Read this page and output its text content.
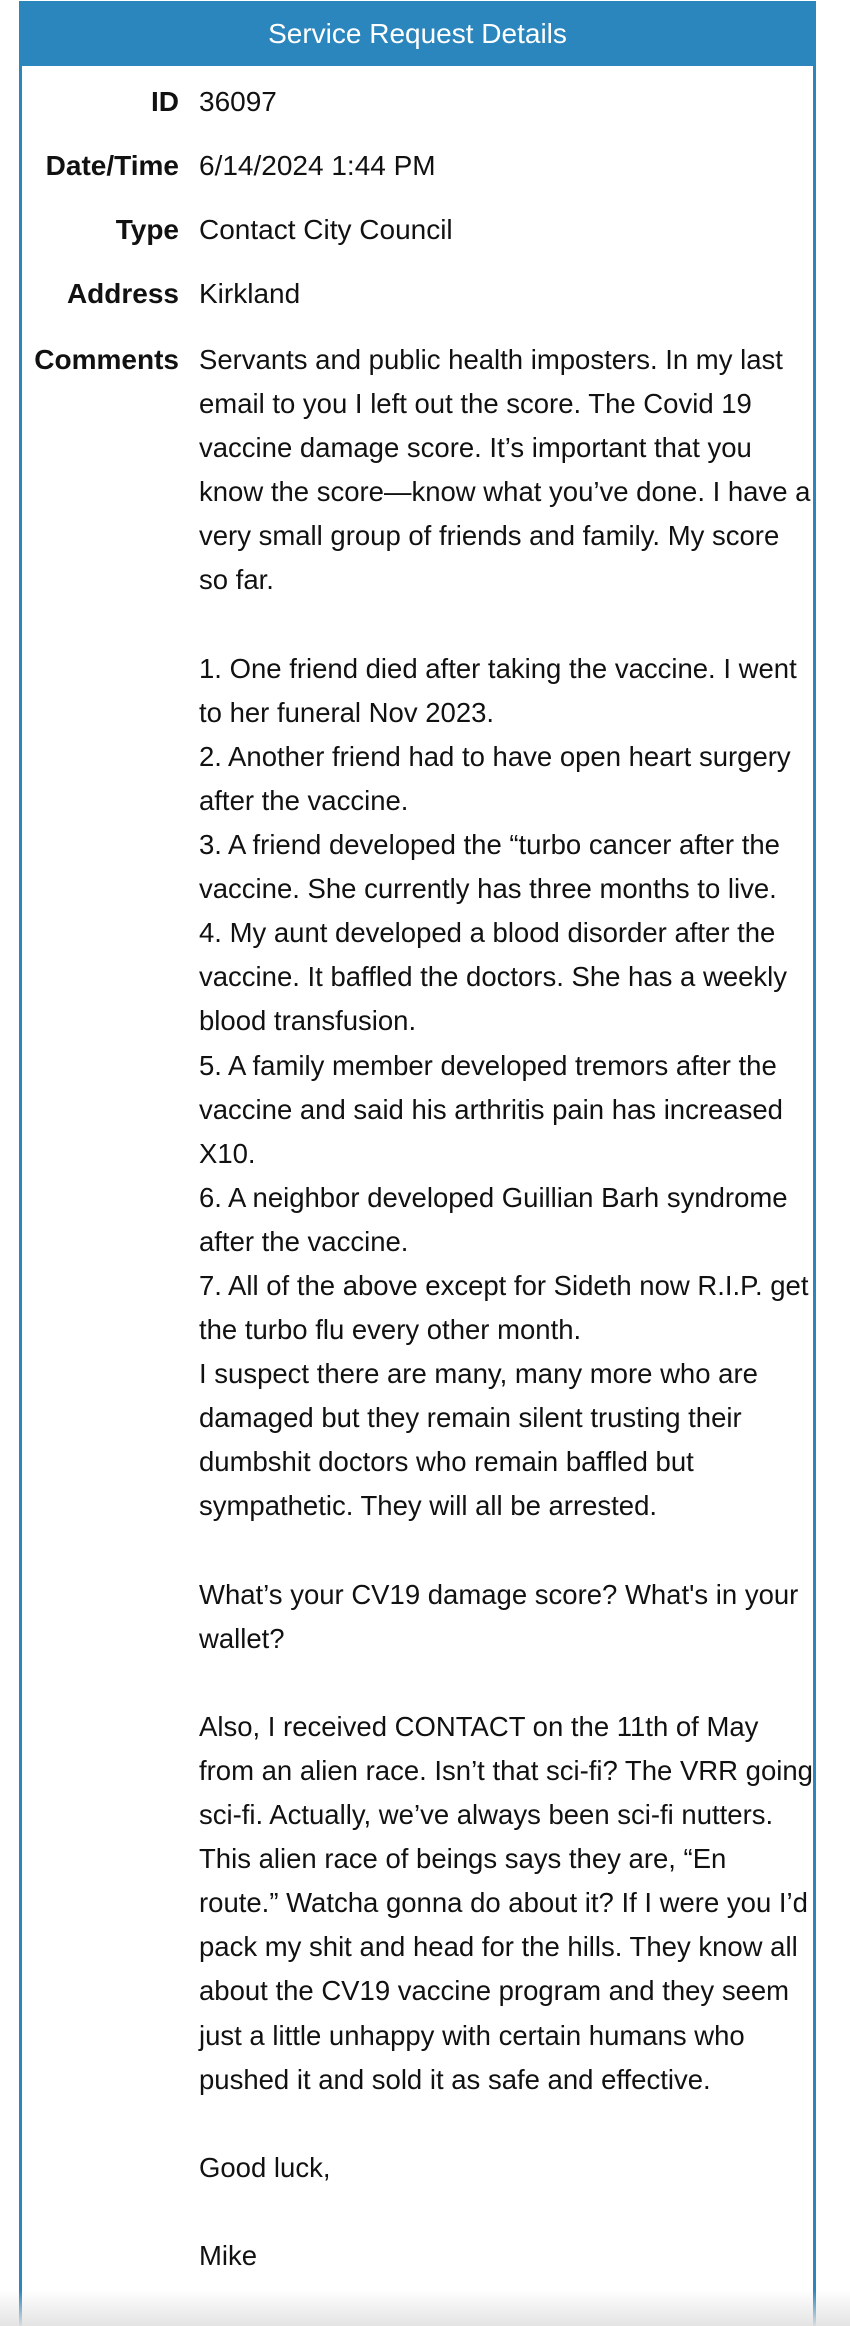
Service Request Details
ID 36097
Date/Time 6/14/2024 1:44 PM
Type Contact City Council
Address Kirkland
Comments Servants and public health imposters. In my last email to you I left out the score. The Covid 19 vaccine damage score. It’s important that you know the score—know what you’ve done. I have a very small group of friends and family. My score so far.

1. One friend died after taking the vaccine. I went to her funeral Nov 2023.

2. Another friend had to have open heart surgery after the vaccine.

3. A friend developed the “turbo cancer after the vaccine. She currently has three months to live.

4. My aunt developed a blood disorder after the vaccine. It baffled the doctors. She has a weekly blood transfusion.

5. A family member developed tremors after the vaccine and said his arthritis pain has increased X10.

6. A neighbor developed Guillian Barh syndrome after the vaccine.

7. All of the above except for Sideth now R.I.P. get the turbo flu every other month.

I suspect there are many, many more who are damaged but they remain silent trusting their dumbshit doctors who remain baffled but sympathetic. They will all be arrested.

What’s your CV19 damage score? What's in your wallet?

Also, I received CONTACT on the 11th of May from an alien race. Isn’t that sci-fi? The VRR going sci-fi. Actually, we’ve always been sci-fi nutters. This alien race of beings says they are, “En route.” Watcha gonna do about it? If I were you I’d pack my shit and head for the hills. They know all about the CV19 vaccine program and they seem just a little unhappy with certain humans who pushed it and sold it as safe and effective.

Good luck,

Mike
